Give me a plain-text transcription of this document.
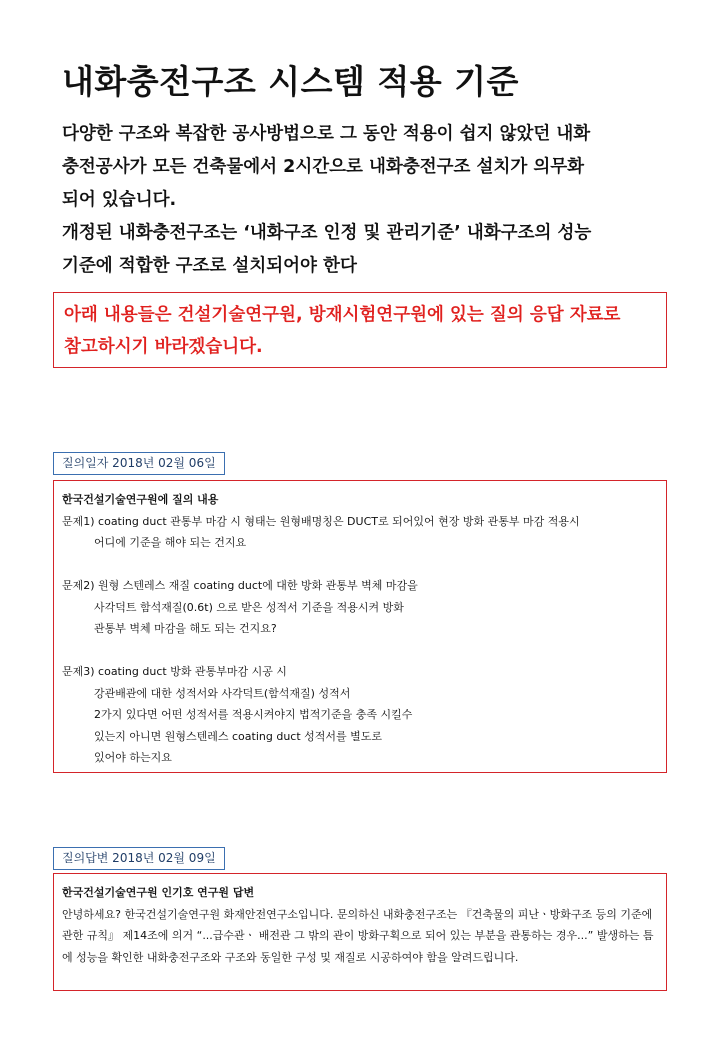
내화충전구조 시스템 적용 기준
다양한 구조와 복잡한 공사방법으로 그 동안 적용이 쉽지 않았던 내화
충전공사가 모든 건축물에서 2시간으로 내화충전구조 설치가 의무화
되어 있습니다.
개정된 내화충전구조는 ‘내화구조 인정 및 관리기준’ 내화구조의 성능
기준에 적합한 구조로 설치되어야 한다
아래 내용들은 건설기술연구원, 방재시험연구원에 있는 질의 응답 자료로
참고하시기 바라겠습니다.
질의일자 2018년 02월 06일
한국건설기술연구원에 질의 내용
문제1) coating duct 관통부 마감 시 형태는 원형배명칭은 DUCT로 되어있어 현장 방화 관통부 마감 적용시
어디에 기준을 해야 되는 건지요
문제2) 원형 스텐레스 재질 coating duct에 대한 방화 관통부 벽체 마감을
사각덕트 함석재질(0.6t) 으로 받은 성적서 기준을 적용시켜 방화
관통부 벽체 마감을 해도 되는 건지요?
문제3) coating duct 방화 관통부마감 시공 시
강관배관에 대한 성적서와 사각덕트(함석재질) 성적서
2가지 있다면 어떤 성적서를 적용시켜야지 법적기준을 충족 시킬수
있는지 아니면 원형스텐레스 coating duct 성적서를 별도로
있어야 하는지요
질의답변 2018년 02월 09일
한국건설기술연구원 인기호 연구원 답변
안녕하세요? 한국건설기술연구원 화재안전연구소입니다. 문의하신 내화충전구조는 『건축물의 피난ㆍ방화구조 등의 기준에 관한 규칙』 제14조에 의거 “...급수관ㆍ 배전관 그 밖의 관이 방화구획으로 되어 있는 부분을 관통하는 경우...” 발생하는 틈에 성능을 확인한 내화충전구조와 구조와 동일한 구성 및 재질로 시공하여야 함을 알려드립니다.
